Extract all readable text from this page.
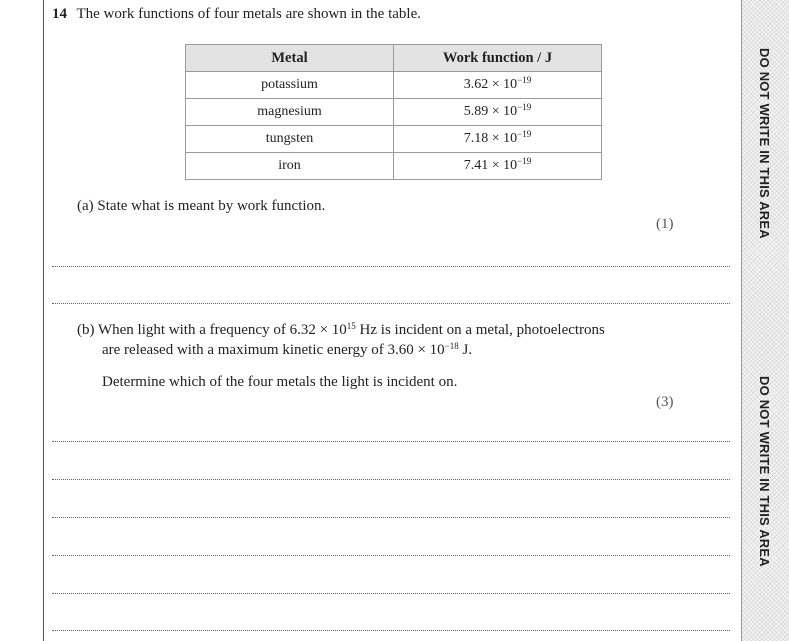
DO NOT WRITE IN THIS AREA
DO NOT WRITE IN THIS AREA
14 The work functions of four metals are shown in the table.
Metal	Work function / J
potassium	$3.62 \times 10^{-19}$
magnesium	$5.89 \times 10^{-19}$
tungsten	$7.18 \times 10^{-19}$
iron	$7.41 \times 10^{-19}$
(a) State what is meant by work function.
(1)
(b) When light with a frequency of $6.32 \times 10^{15}$ Hz is incident on a metal, photoelectrons
are released with a maximum kinetic energy of $3.60 \times 10^{-18}$ J.
Determine which of the four metals the light is incident on.
(3)
